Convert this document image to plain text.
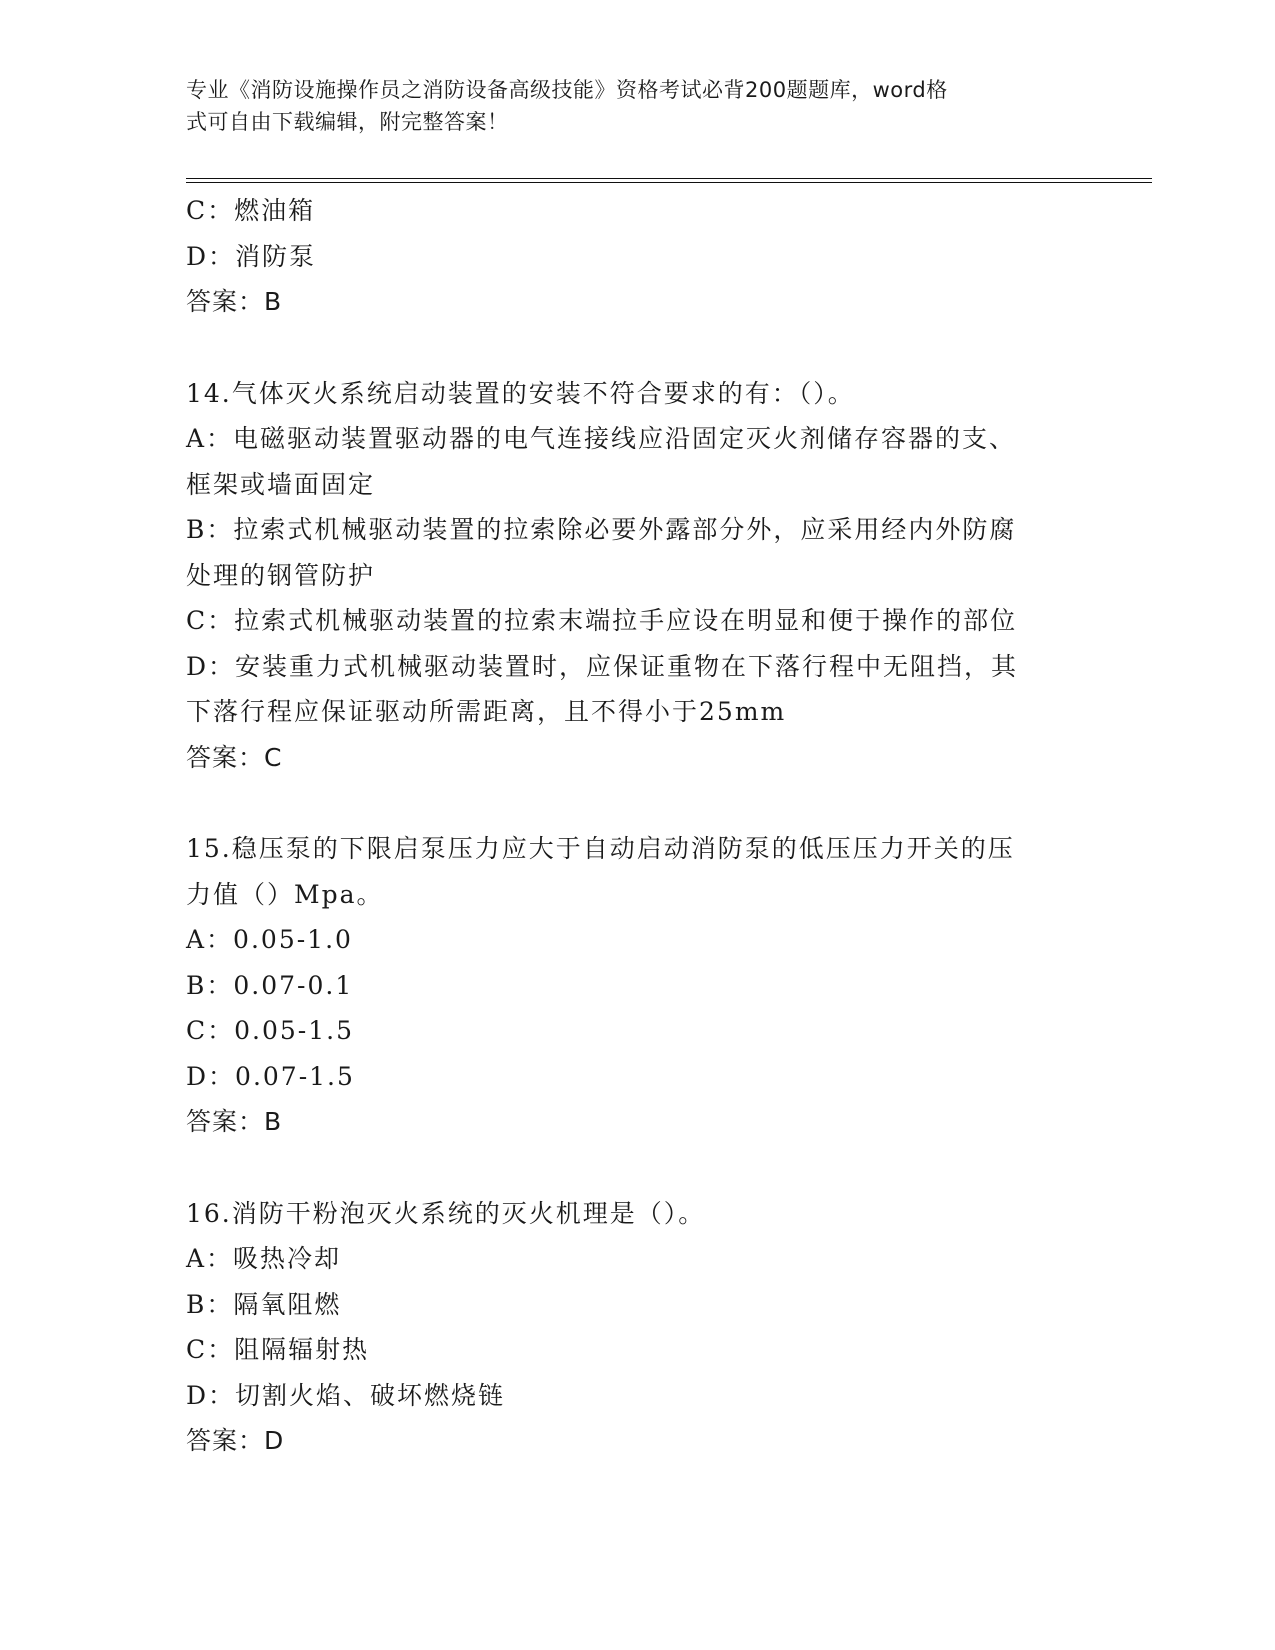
专业《消防设施操作员之消防设备高级技能》资格考试必背200题题库，word格
式可自由下载编辑，附完整答案！
C：燃油箱
D：消防泵
答案：B
14.气体灭火系统启动装置的安装不符合要求的有：（）。
A：电磁驱动装置驱动器的电气连接线应沿固定灭火剂储存容器的支、
框架或墙面固定
B：拉索式机械驱动装置的拉索除必要外露部分外，应采用经内外防腐
处理的钢管防护
C：拉索式机械驱动装置的拉索末端拉手应设在明显和便于操作的部位
D：安装重力式机械驱动装置时，应保证重物在下落行程中无阻挡，其
下落行程应保证驱动所需距离，且不得小于25mm
答案：C
15.稳压泵的下限启泵压力应大于自动启动消防泵的低压压力开关的压
力值（）Mpa。
A：0.05-1.0
B：0.07-0.1
C：0.05-1.5
D：0.07-1.5
答案：B
16.消防干粉泡灭火系统的灭火机理是（）。
A：吸热冷却
B：隔氧阻燃
C：阻隔辐射热
D：切割火焰、破坏燃烧链
答案：D
